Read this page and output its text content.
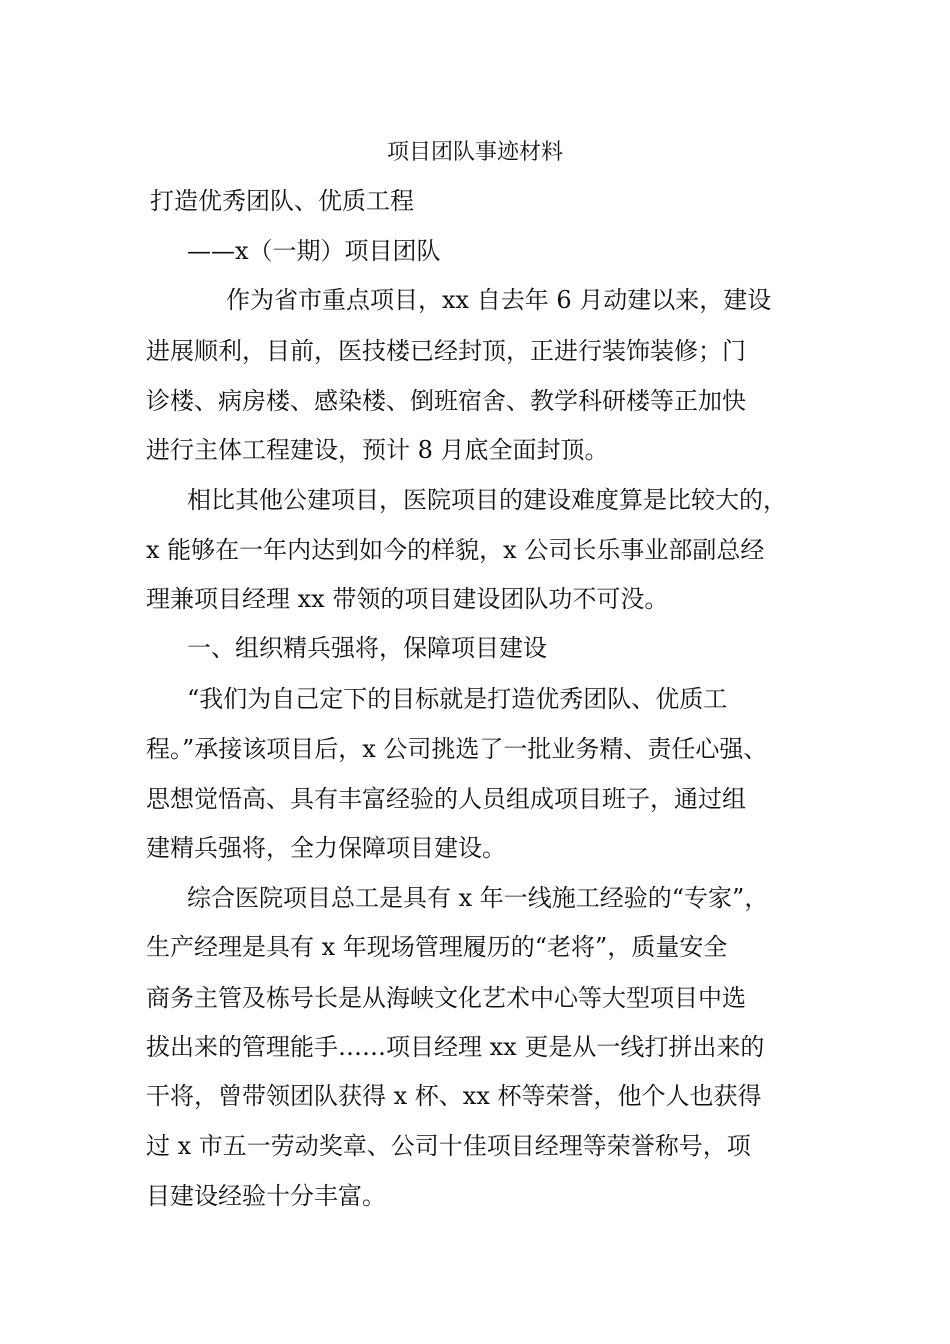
项目团队事迹材料
打造优秀团队、优质工程
——x（一期）项目团队
作为省市重点项目，xx 自去年 6 月动建以来，建设
进展顺利，目前，医技楼已经封顶，正进行装饰装修；门
诊楼、病房楼、感染楼、倒班宿舍、教学科研楼等正加快
进行主体工程建设，预计 8 月底全面封顶。
相比其他公建项目，医院项目的建设难度算是比较大的，
x 能够在一年内达到如今的样貌，x 公司长乐事业部副总经
理兼项目经理 xx 带领的项目建设团队功不可没。
一、组织精兵强将，保障项目建设
“我们为自己定下的目标就是打造优秀团队、优质工
程。”承接该项目后，x 公司挑选了一批业务精、责任心强、
思想觉悟高、具有丰富经验的人员组成项目班子，通过组
建精兵强将，全力保障项目建设。
综合医院项目总工是具有 x 年一线施工经验的“专家”，
生产经理是具有 x 年现场管理履历的“老将”，质量安全
商务主管及栋号长是从海峡文化艺术中心等大型项目中选
拔出来的管理能手……项目经理 xx 更是从一线打拼出来的
干将，曾带领团队获得 x 杯、xx 杯等荣誉，他个人也获得
过 x 市五一劳动奖章、公司十佳项目经理等荣誉称号，项
目建设经验十分丰富。
